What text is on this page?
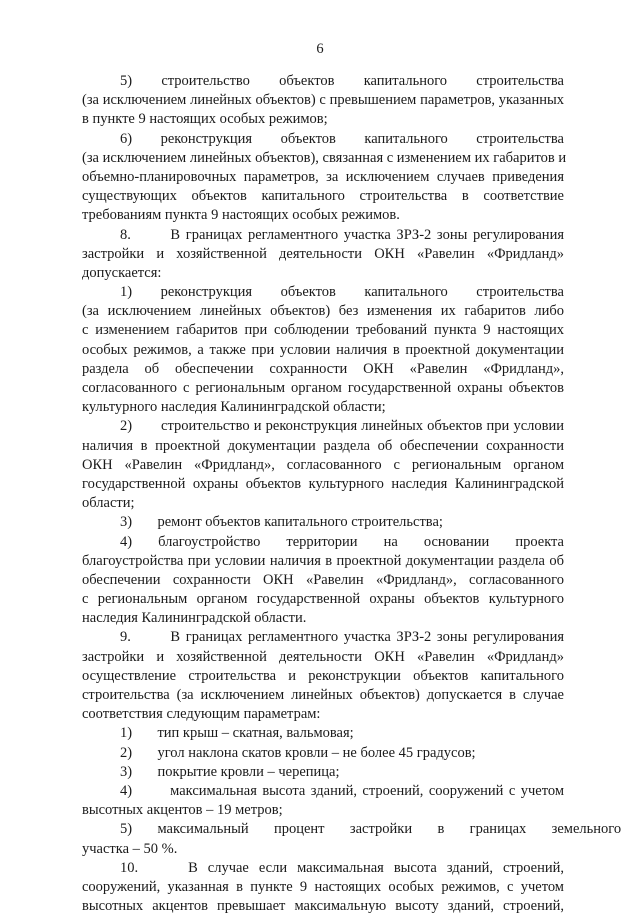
6
5)       строительство       объектов       капитального       строительства
(за исключением линейных объектов) с превышением параметров, указанных
в пункте 9 настоящих особых режимов;
6)       реконструкция       объектов       капитального       строительства
(за исключением линейных объектов), связанная с изменением их габаритов и
объемно-планировочных параметров, за исключением случаев приведения
существующих объектов капитального строительства в соответствие
требованиям пункта 9 настоящих особых режимов.
8.       В границах регламентного участка ЗРЗ-2 зоны регулирования
застройки и хозяйственной деятельности ОКН «Равелин «Фридланд»
допускается:
1)       реконструкция       объектов       капитального       строительства
(за исключением линейных объектов) без изменения их габаритов либо
с изменением габаритов при соблюдении требований пункта 9 настоящих
особых режимов, а также при условии наличия в проектной документации
раздела об обеспечении сохранности ОКН «Равелин «Фридланд»,
согласованного с региональным органом государственной охраны объектов
культурного наследия Калининградской области;
2)       строительство и реконструкция линейных объектов при условии
наличия в проектной документации раздела об обеспечении сохранности
ОКН «Равелин «Фридланд», согласованного с региональным органом
государственной охраны объектов культурного наследия Калининградской
области;
3)       ремонт объектов капитального строительства;
4)       благоустройство       территории       на       основании       проекта
благоустройства при условии наличия в проектной документации раздела об
обеспечении сохранности ОКН «Равелин «Фридланд», согласованного
с региональным органом государственной охраны объектов культурного
наследия Калининградской области.
9.       В границах регламентного участка ЗРЗ-2 зоны регулирования
застройки и хозяйственной деятельности ОКН «Равелин «Фридланд»
осуществление строительства и реконструкции объектов капитального
строительства (за исключением линейных объектов) допускается в случае
соответствия следующим параметрам:
1)       тип крыш – скатная, вальмовая;
2)       угол наклона скатов кровли – не более 45 градусов;
3)       покрытие кровли – черепица;
4)       максимальная высота зданий, строений, сооружений с учетом
высотных акцентов – 19 метров;
5)       максимальный       процент       застройки       в       границах       земельного
участка – 50 %.
10.     В случае если максимальная высота зданий, строений,
сооружений, указанная в пункте 9 настоящих особых режимов, с учетом
высотных акцентов превышает максимальную высоту зданий, строений,
